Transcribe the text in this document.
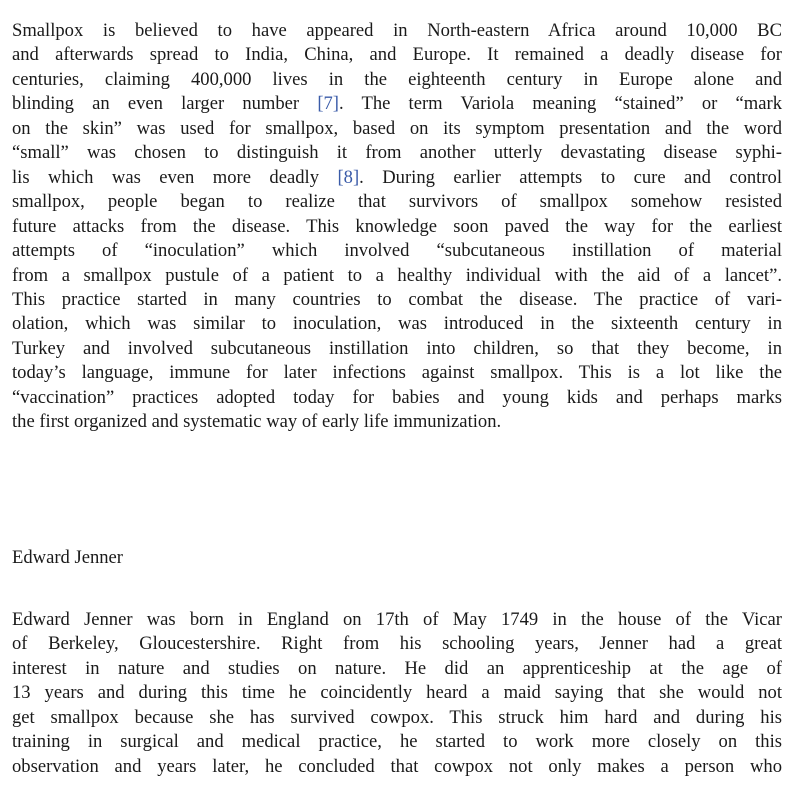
Smallpox is believed to have appeared in North-eastern Africa around 10,000 BC
and afterwards spread to India, China, and Europe. It remained a deadly disease for
centuries, claiming 400,000 lives in the eighteenth century in Europe alone and
blinding an even larger number [7]. The term Variola meaning “stained” or “mark
on the skin” was used for smallpox, based on its symptom presentation and the word
“small” was chosen to distinguish it from another utterly devastating disease syphi-
lis which was even more deadly [8]. During earlier attempts to cure and control
smallpox, people began to realize that survivors of smallpox somehow resisted
future attacks from the disease. This knowledge soon paved the way for the earliest
attempts of “inoculation” which involved “subcutaneous instillation of material
from a smallpox pustule of a patient to a healthy individual with the aid of a lancet”.
This practice started in many countries to combat the disease. The practice of vari-
olation, which was similar to inoculation, was introduced in the sixteenth century in
Turkey and involved subcutaneous instillation into children, so that they become, in
today’s language, immune for later infections against smallpox. This is a lot like the
“vaccination” practices adopted today for babies and young kids and perhaps marks
the first organized and systematic way of early life immunization.
Edward Jenner
Edward Jenner was born in England on 17th of May 1749 in the house of the Vicar
of Berkeley, Gloucestershire. Right from his schooling years, Jenner had a great
interest in nature and studies on nature. He did an apprenticeship at the age of
13 years and during this time he coincidently heard a maid saying that she would not
get smallpox because she has survived cowpox. This struck him hard and during his
training in surgical and medical practice, he started to work more closely on this
observation and years later, he concluded that cowpox not only makes a person who
